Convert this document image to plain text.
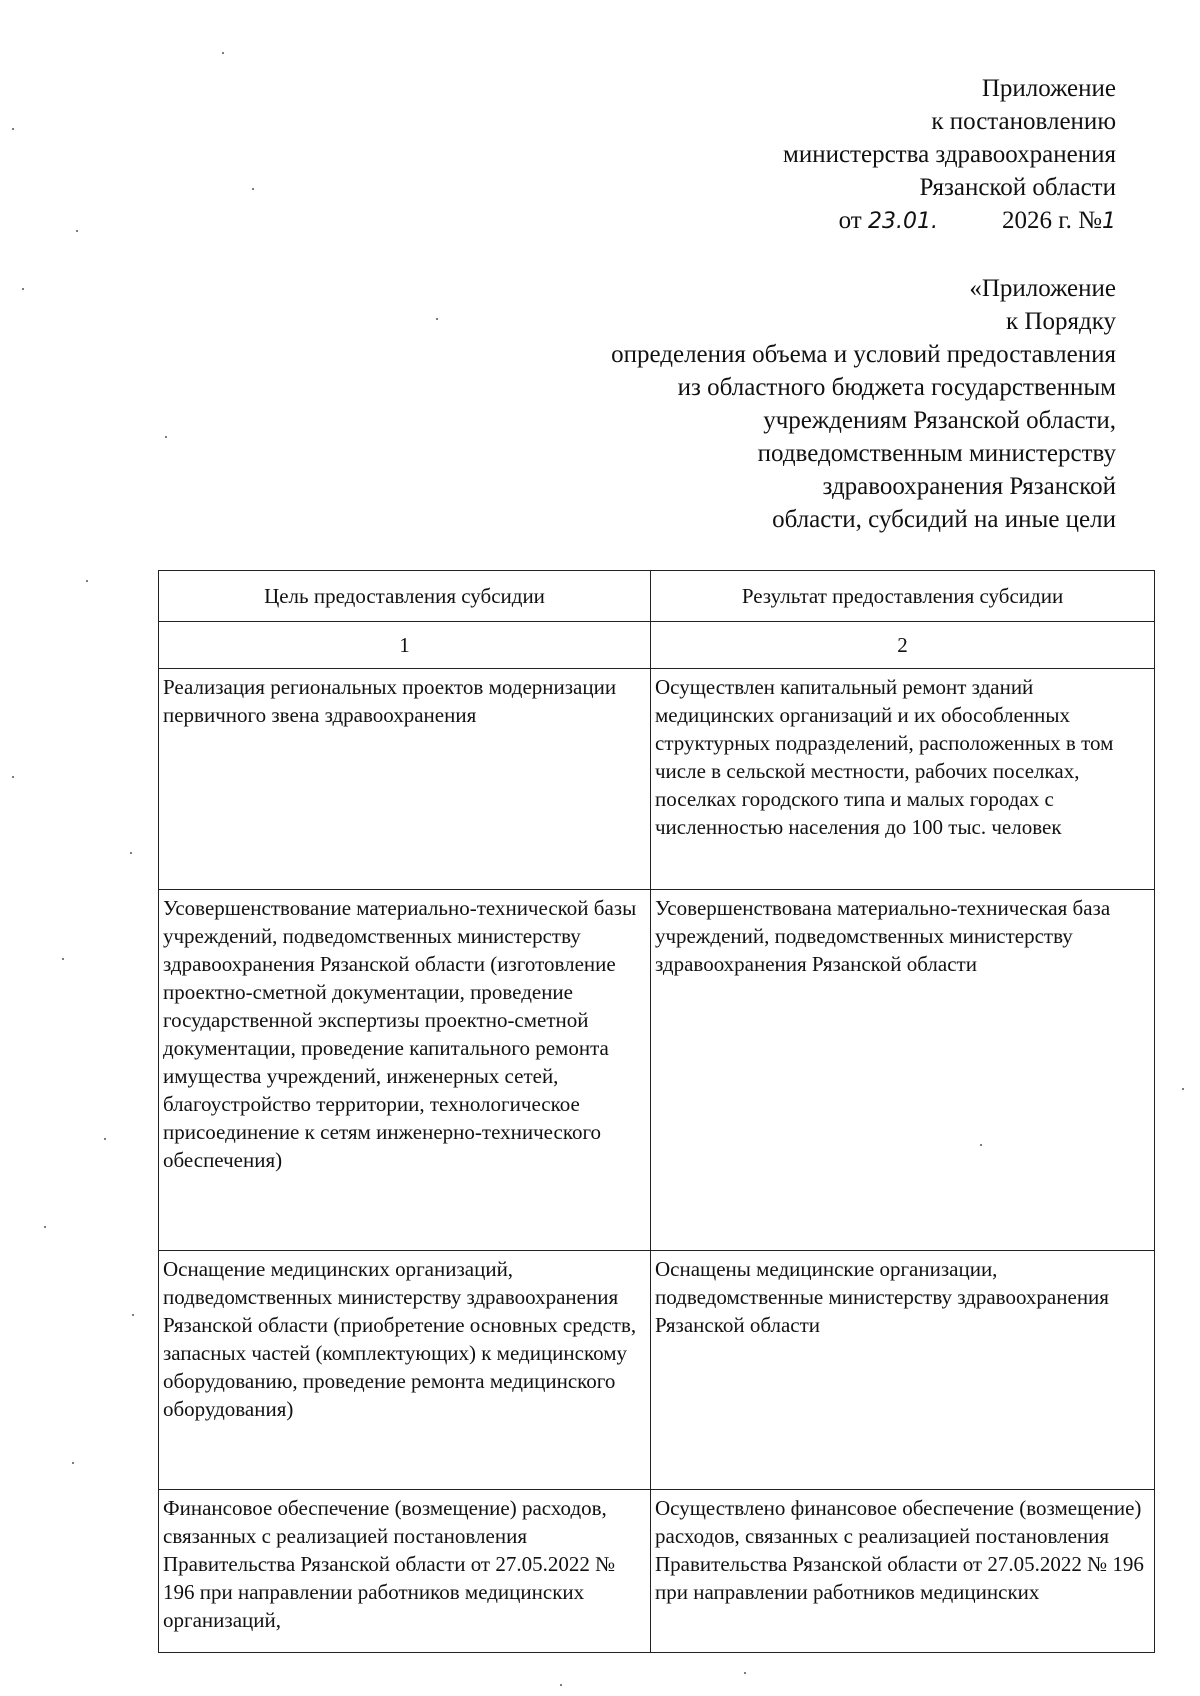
Приложение
к постановлению
министерства здравоохранения
Рязанской области
от 23.01.	2026 г. №1
«Приложение
к Порядку
определения объема и условий предоставления
из областного бюджета государственным
учреждениям Рязанской области,
подведомственным министерству
здравоохранения Рязанской
области, субсидий на иные цели
Цель предоставления субсидии	Результат предоставления субсидии
1	2
Реализация региональных проектов модернизации первичного звена здравоохранения	Осуществлен капитальный ремонт зданий медицинских организаций и их обособленных структурных подразделений, расположенных в том числе в сельской местности, рабочих поселках, поселках городского типа и малых городах с численностью населения до 100 тыс. человек
Усовершенствование материально-технической базы учреждений, подведомственных министерству здравоохранения Рязанской области (изготовление проектно-сметной документации, проведение государственной экспертизы проектно-сметной документации, проведение капитального ремонта имущества учреждений, инженерных сетей, благоустройство территории, технологическое присоединение к сетям инженерно-технического обеспечения)	Усовершенствована материально-техническая база учреждений, подведомственных министерству здравоохранения Рязанской области
Оснащение медицинских организаций, подведомственных министерству здравоохранения Рязанской области (приобретение основных средств, запасных частей (комплектующих) к медицинскому оборудованию, проведение ремонта медицинского оборудования)	Оснащены медицинские организации, подведомственные министерству здравоохранения Рязанской области
Финансовое обеспечение (возмещение) расходов, связанных с реализацией постановления Правительства Рязанской области от 27.05.2022 № 196 при направлении работников медицинских организаций,	Осуществлено финансовое обеспечение (возмещение) расходов, связанных с реализацией постановления Правительства Рязанской области от 27.05.2022 № 196 при направлении работников медицинских
